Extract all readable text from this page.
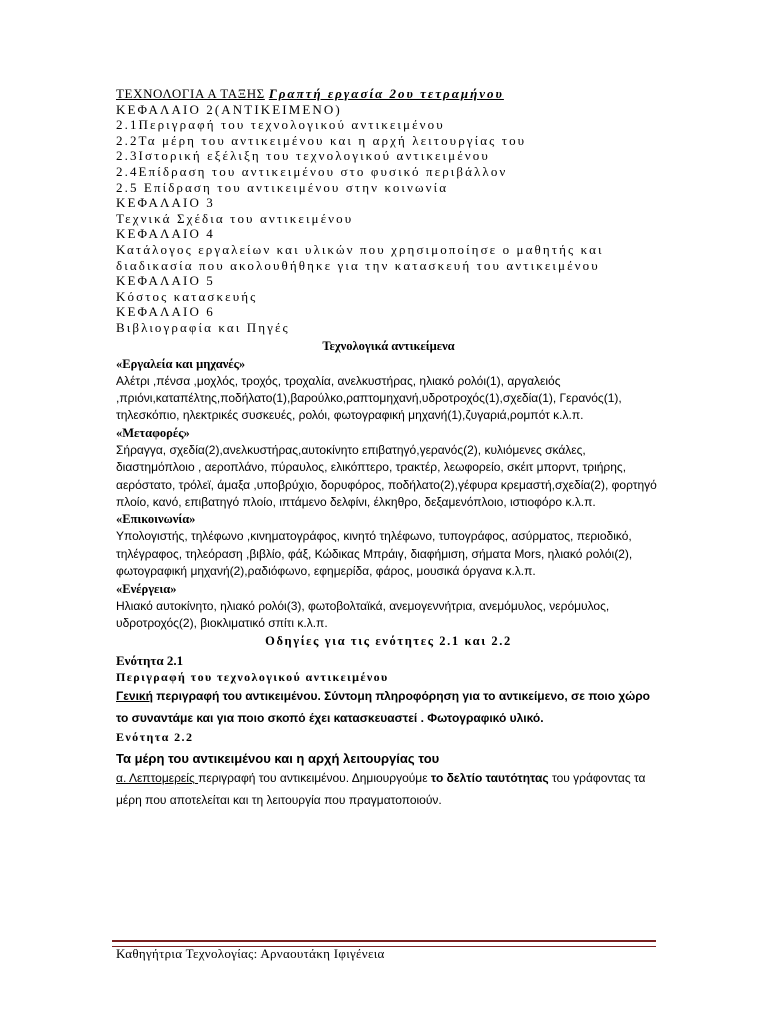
ΤΕΧΝΟΛΟΓΙΑ Α ΤΑΞΗΣ Γραπτή εργασία 2ου τετραμήνου
ΚΕΦΑΛΑΙΟ 2(ΑΝΤΙΚΕΙΜΕΝΟ)
2.1Περιγραφή του τεχνολογικού αντικειμένου
2.2Τα μέρη του αντικειμένου και η αρχή λειτουργίας του
2.3Ιστορική εξέλιξη του τεχνολογικού αντικειμένου
2.4Επίδραση του αντικειμένου στο φυσικό περιβάλλον
2.5 Επίδραση του αντικειμένου στην κοινωνία
ΚΕΦΑΛΑΙΟ 3
Τεχνικά Σχέδια του αντικειμένου
ΚΕΦΑΛΑΙΟ 4
Κατάλογος εργαλείων και υλικών που χρησιμοποίησε ο μαθητής και διαδικασία που ακολουθήθηκε για την κατασκευή του αντικειμένου
ΚΕΦΑΛΑΙΟ 5
Κόστος κατασκευής
ΚΕΦΑΛΑΙΟ 6
Βιβλιογραφία και Πηγές
Τεχνολογικά αντικείμενα
«Εργαλεία και μηχανές»
Αλέτρι ,πένσα ,μοχλός, τροχός, τροχαλία, ανελκυστήρας, ηλιακό ρολόι(1), αργαλειός ,πριόνι,καταπέλτης,ποδήλατο(1),βαρούλκο,ραπτομηχανή,υδροτροχός(1),σχεδία(1), Γερανός(1), τηλεσκόπιο, ηλεκτρικές συσκευές, ρολόι, φωτογραφική μηχανή(1),ζυγαριά,ρομπότ κ.λ.π.
«Μεταφορές»
Σήραγγα, σχεδία(2),ανελκυστήρας,αυτοκίνητο επιβατηγό,γερανός(2), κυλιόμενες σκάλες, διαστημόπλοιο , αεροπλάνο, πύραυλος, ελικόπτερο, τρακτέρ, λεωφορείο, σκέιτ μπορντ, τριήρης, αερόστατο, τρόλεϊ, άμαξα ,υποβρύχιο, δορυφόρος, ποδήλατο(2),γέφυρα κρεμαστή,σχεδία(2), φορτηγό πλοίο, κανό, επιβατηγό πλοίο, ιπτάμενο δελφίνι, έλκηθρο, δεξαμενόπλοιο, ιστιοφόρο κ.λ.π.
«Επικοινωνία»
Υπολογιστής, τηλέφωνο ,κινηματογράφος, κινητό τηλέφωνο, τυπογράφος, ασύρματος, περιοδικό, τηλέγραφος, τηλεόραση ,βιβλίο, φάξ, Κώδικας Μπράιγ, διαφήμιση, σήματα Mors, ηλιακό ρολόι(2), φωτογραφική μηχανή(2),ραδιόφωνο, εφημερίδα, φάρος, μουσικά όργανα κ.λ.π.
«Ενέργεια»
Ηλιακό αυτοκίνητο, ηλιακό ρολόι(3), φωτοβολταϊκά, ανεμογεννήτρια, ανεμόμυλος, νερόμυλος, υδροτροχός(2), βιοκλιματικό σπίτι κ.λ.π.
Οδηγίες για τις ενότητες 2.1 και 2.2
Ενότητα 2.1
Περιγραφή του τεχνολογικού αντικειμένου
Γενική περιγραφή του αντικειμένου. Σύντομη πληροφόρηση για το αντικείμενο, σε ποιο χώρο το συναντάμε και για ποιο σκοπό έχει κατασκευαστεί . Φωτογραφικό υλικό.
Ενότητα 2.2
Τα μέρη του αντικειμένου και η αρχή λειτουργίας του
α. Λεπτομερείς περιγραφή του αντικειμένου. Δημιουργούμε το δελτίο ταυτότητας του γράφοντας τα μέρη που αποτελείται και τη λειτουργία που πραγματοποιούν.
Καθηγήτρια Τεχνολογίας: Αρναουτάκη Ιφιγένεια
